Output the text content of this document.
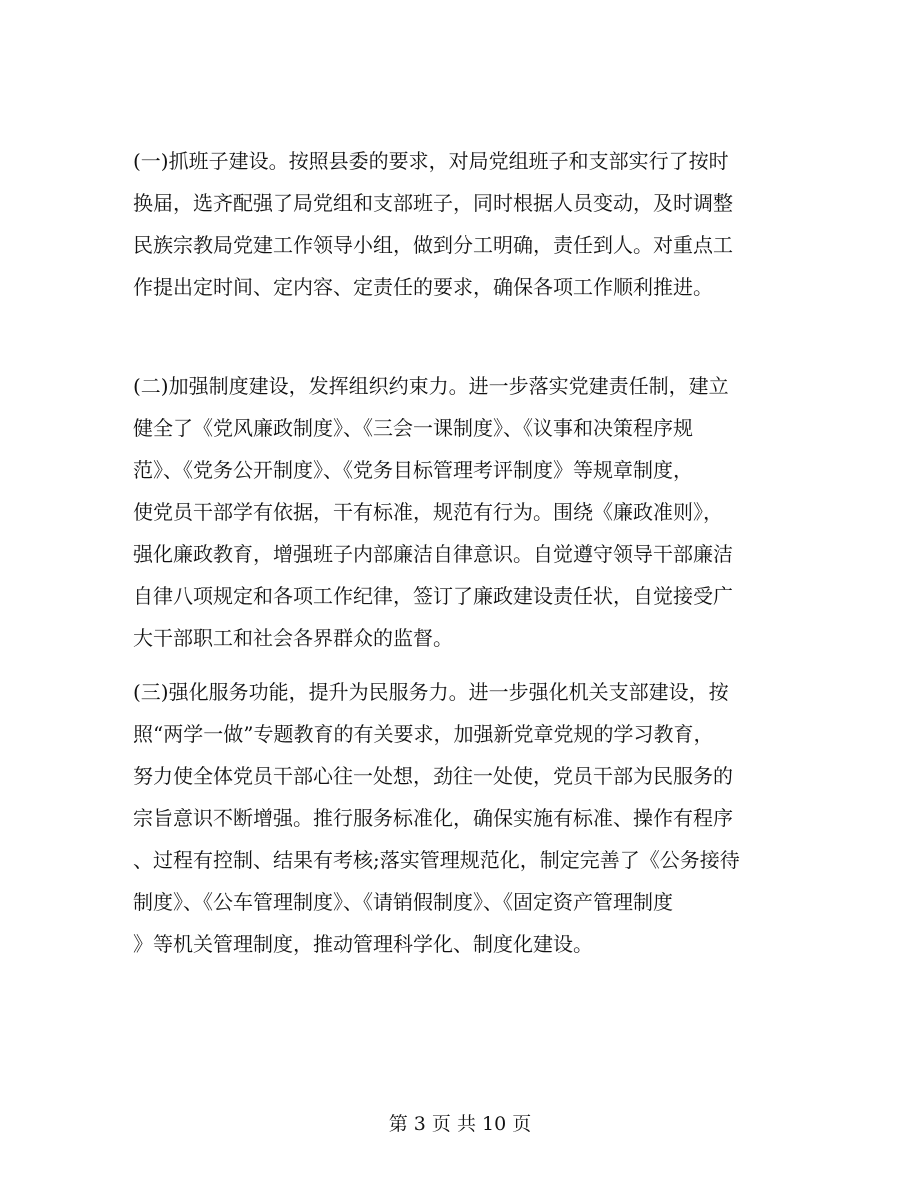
(一)抓班子建设。按照县委的要求，对局党组班子和支部实行了按时
换届，选齐配强了局党组和支部班子，同时根据人员变动，及时调整
民族宗教局党建工作领导小组，做到分工明确，责任到人。对重点工
作提出定时间、定内容、定责任的要求，确保各项工作顺利推进。
(二)加强制度建设，发挥组织约束力。进一步落实党建责任制，建立
健全了《党风廉政制度》、《三会一课制度》、《议事和决策程序规
范》、《党务公开制度》、《党务目标管理考评制度》等规章制度，
使党员干部学有依据，干有标准，规范有行为。围绕《廉政准则》，
强化廉政教育，增强班子内部廉洁自律意识。自觉遵守领导干部廉洁
自律八项规定和各项工作纪律，签订了廉政建设责任状，自觉接受广
大干部职工和社会各界群众的监督。
(三)强化服务功能，提升为民服务力。进一步强化机关支部建设，按
照“两学一做”专题教育的有关要求，加强新党章党规的学习教育，
努力使全体党员干部心往一处想，劲往一处使，党员干部为民服务的
宗旨意识不断增强。推行服务标准化，确保实施有标准、操作有程序
、过程有控制、结果有考核;落实管理规范化，制定完善了《公务接待
制度》、《公车管理制度》、《请销假制度》、《固定资产管理制度
》等机关管理制度，推动管理科学化、制度化建设。
第 3 页 共 10 页
